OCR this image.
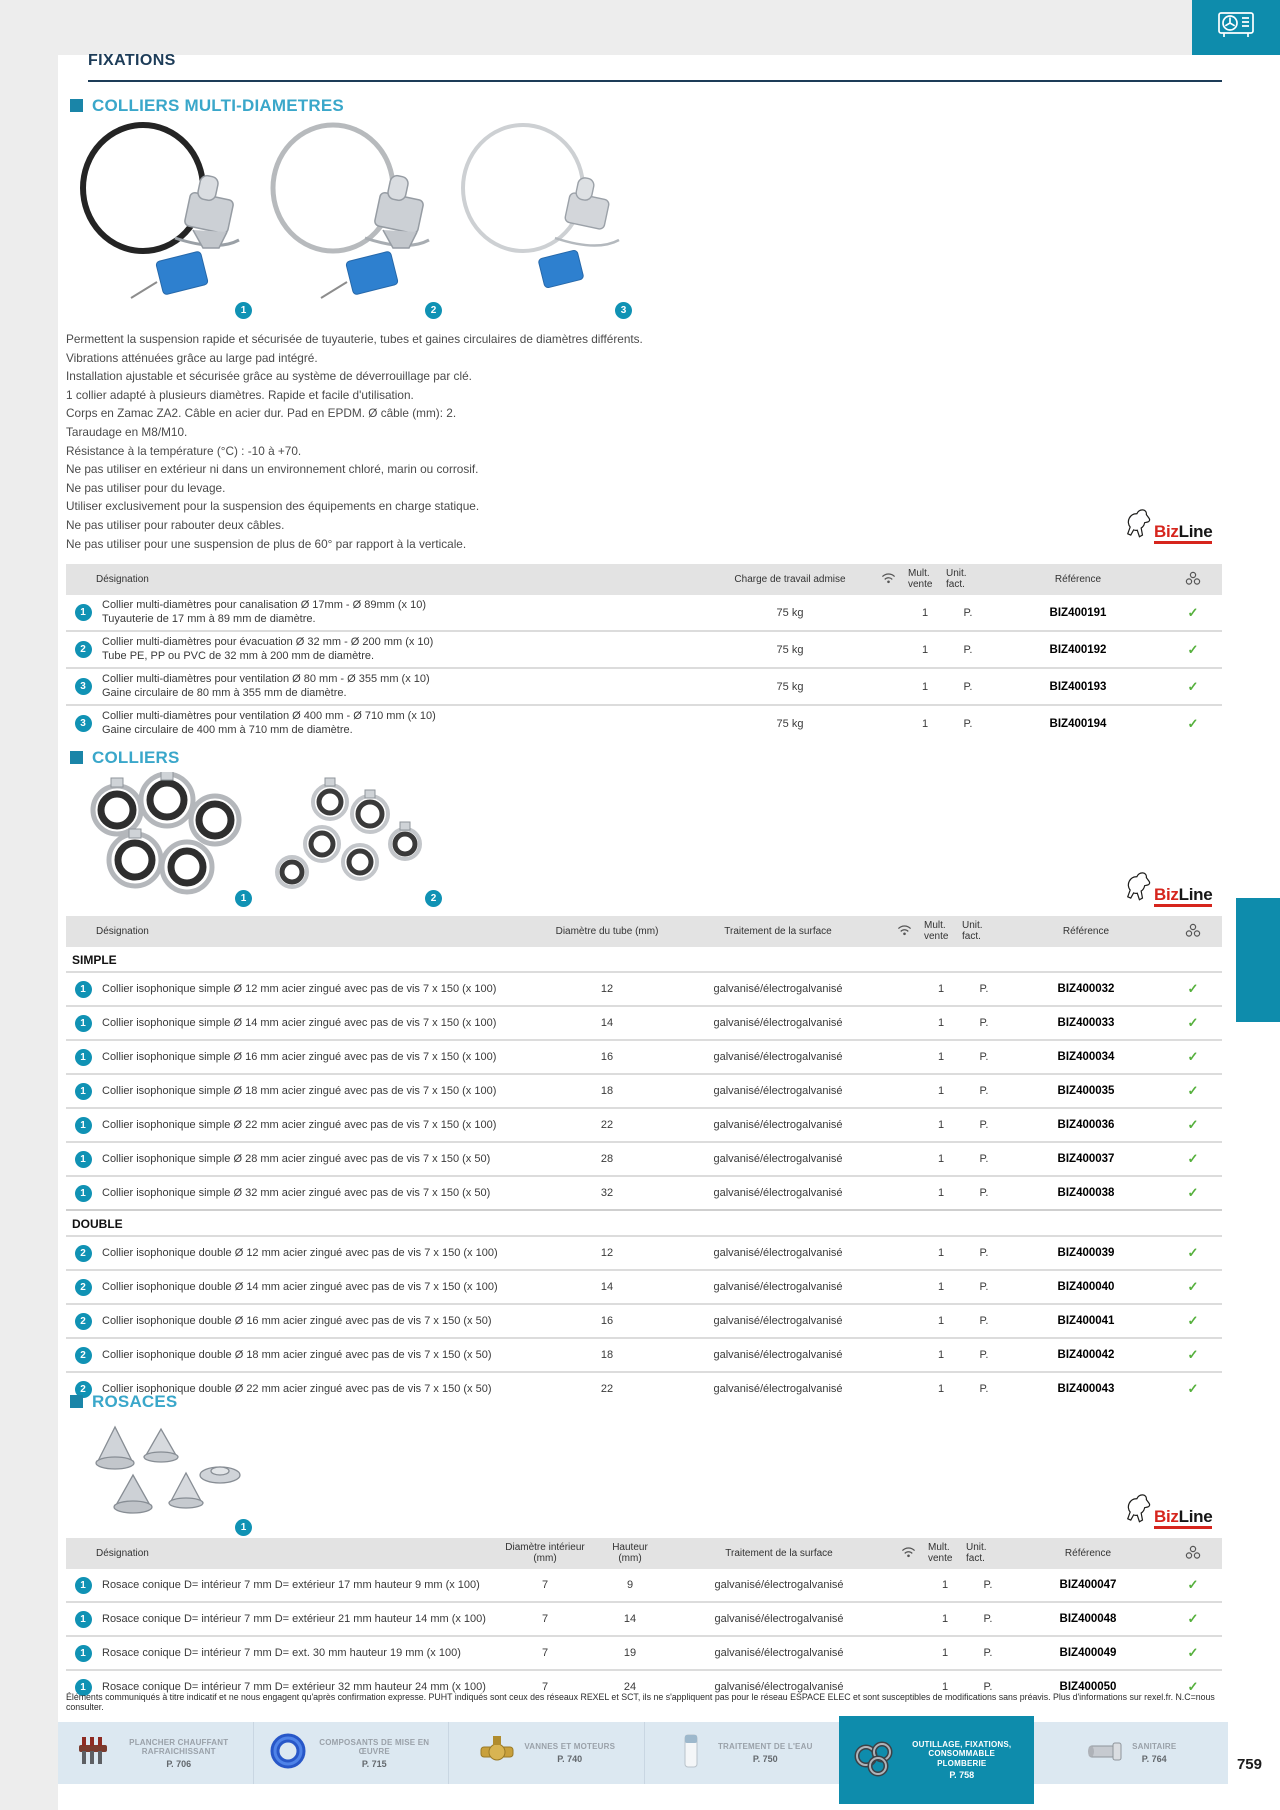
FIXATIONS
COLLIERS MULTI-DIAMETRES
1	2	3

Permettent la suspension rapide et sécurisée de tuyauterie, tubes et gaines circulaires de diamètres différents.

Vibrations atténuées grâce au large pad intégré.

Installation ajustable et sécurisée grâce au système de déverrouillage par clé.

1 collier adapté à plusieurs diamètres. Rapide et facile d'utilisation.

Corps en Zamac ZA2. Câble en acier dur. Pad en EPDM. Ø câble (mm): 2.

Taraudage en M8/M10.

Résistance à la température (°C) : -10 à +70.

Ne pas utiliser en extérieur ni dans un environnement chloré, marin ou corrosif.

Ne pas utiliser pour du levage.

Utiliser exclusivement pour la suspension des équipements en charge statique.

Ne pas utiliser pour rabouter deux câbles.

Ne pas utiliser pour une suspension de plus de 60° par rapport à la verticale.

BizLine
Désignation		Charge de travail admise		Mult.
vente	Unit.
fact.	Référence	
1	Collier multi-diamètres pour canalisation Ø 17mm - Ø 89mm (x 10)
Tuyauterie de 17 mm à 89 mm de diamètre.	75 kg		1	P.	BIZ400191	✓
2	Collier multi-diamètres pour évacuation Ø 32 mm - Ø 200 mm (x 10)
Tube PE, PP ou PVC de 32 mm à 200 mm de diamètre.	75 kg		1	P.	BIZ400192	✓
3	Collier multi-diamètres pour ventilation Ø 80 mm - Ø 355 mm (x 10)
Gaine circulaire de 80 mm à 355 mm de diamètre.	75 kg		1	P.	BIZ400193	✓
3	Collier multi-diamètres pour ventilation Ø 400 mm - Ø 710 mm (x 10)
Gaine circulaire de 400 mm à 710 mm de diamètre.	75 kg		1	P.	BIZ400194	✓
COLLIERS
1	2	BizLine
Désignation		Diamètre du tube (mm)	Traitement de la surface		Mult.
vente	Unit.
fact.	Référence	
SIMPLE								
1	Collier isophonique simple Ø 12 mm acier zingué avec pas de vis 7 x 150 (x 100)	12	galvanisé/électrogalvanisé		1	P.	BIZ400032	✓
1	Collier isophonique simple Ø 14 mm acier zingué avec pas de vis 7 x 150 (x 100)	14	galvanisé/électrogalvanisé		1	P.	BIZ400033	✓
1	Collier isophonique simple Ø 16 mm acier zingué avec pas de vis 7 x 150 (x 100)	16	galvanisé/électrogalvanisé		1	P.	BIZ400034	✓
1	Collier isophonique simple Ø 18 mm acier zingué avec pas de vis 7 x 150 (x 100)	18	galvanisé/électrogalvanisé		1	P.	BIZ400035	✓
1	Collier isophonique simple Ø 22 mm acier zingué avec pas de vis 7 x 150 (x 100)	22	galvanisé/électrogalvanisé		1	P.	BIZ400036	✓
1	Collier isophonique simple Ø 28 mm acier zingué avec pas de vis 7 x 150 (x 50)	28	galvanisé/électrogalvanisé		1	P.	BIZ400037	✓
1	Collier isophonique simple Ø 32 mm acier zingué avec pas de vis 7 x 150 (x 50)	32	galvanisé/électrogalvanisé		1	P.	BIZ400038	✓
DOUBLE								
2	Collier isophonique double Ø 12 mm acier zingué avec pas de vis 7 x 150 (x 100)	12	galvanisé/électrogalvanisé		1	P.	BIZ400039	✓
2	Collier isophonique double Ø 14 mm acier zingué avec pas de vis 7 x 150 (x 100)	14	galvanisé/électrogalvanisé		1	P.	BIZ400040	✓
2	Collier isophonique double Ø 16 mm acier zingué avec pas de vis 7 x 150 (x 50)	16	galvanisé/électrogalvanisé		1	P.	BIZ400041	✓
2	Collier isophonique double Ø 18 mm acier zingué avec pas de vis 7 x 150 (x 50)	18	galvanisé/électrogalvanisé		1	P.	BIZ400042	✓
2	Collier isophonique double Ø 22 mm acier zingué avec pas de vis 7 x 150 (x 50)	22	galvanisé/électrogalvanisé		1	P.	BIZ400043	✓
ROSACES
1
BizLine
Désignation		Diamètre intérieur
(mm)	Hauteur
(mm)	Traitement de la surface		Mult.
vente	Unit.
fact.	Référence	
1	Rosace conique D= intérieur 7 mm D= extérieur 17 mm hauteur 9 mm (x 100)	7	9	galvanisé/électrogalvanisé		1	P.	BIZ400047	✓
1	Rosace conique D= intérieur 7 mm D= extérieur 21 mm hauteur 14 mm (x 100)	7	14	galvanisé/électrogalvanisé		1	P.	BIZ400048	✓
1	Rosace conique D= intérieur 7 mm D= ext. 30 mm hauteur 19 mm (x 100)	7	19	galvanisé/électrogalvanisé		1	P.	BIZ400049	✓
1	Rosace conique D= intérieur 7 mm D= extérieur 32 mm hauteur 24 mm (x 100)	7	24	galvanisé/électrogalvanisé		1	P.	BIZ400050	✓
Éléments communiqués à titre indicatif et ne nous engagent qu'après confirmation expresse. PUHT indiqués sont ceux des réseaux REXEL et SCT, ils ne s'appliquent pas pour le réseau ESPACE ELEC et sont susceptibles de modifications sans préavis. Plus d'informations sur rexel.fr. N.C=nous consulter.
PLANCHER CHAUFFANT RAFRAICHISSANT
P. 706
COMPOSANTS DE MISE EN ŒUVRE
P. 715
VANNES ET MOTEURS
P. 740
TRAITEMENT DE L'EAU
P. 750
OUTILLAGE, FIXATIONS, CONSOMMABLE PLOMBERIE
P. 758
SANITAIRE
P. 764	759
